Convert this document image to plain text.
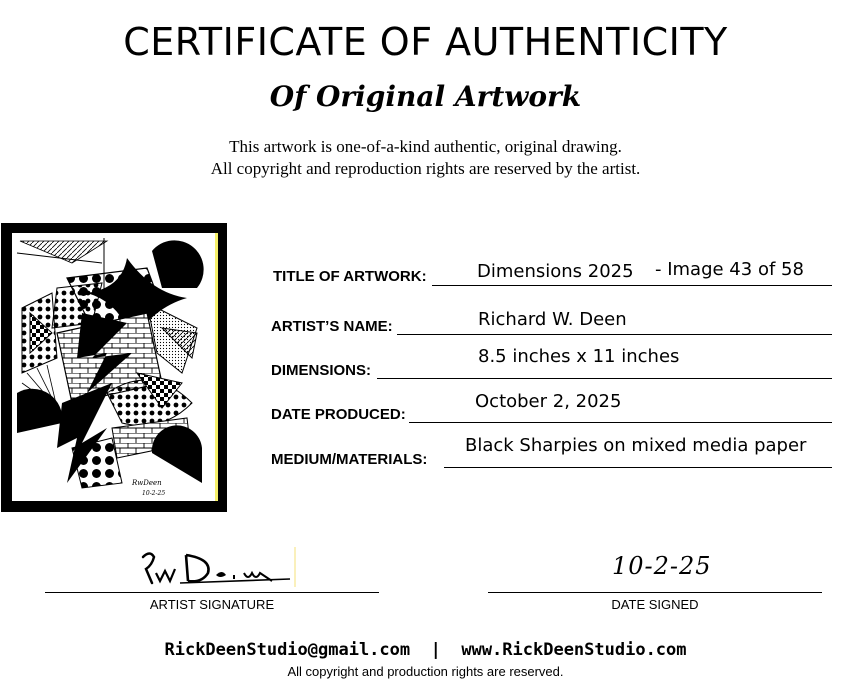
CERTIFICATE OF AUTHENTICITY
Of Original Artwork
This artwork is one-of-a-kind authentic, original drawing.
All copyright and reproduction rights are reserved by the artist.
RwDeen
10-2-25
TITLE OF ARTWORK:	Dimensions 2025 - Image 43 of 58
ARTIST’S NAME:	Richard W. Deen
DIMENSIONS:
8.5 inches x 11 inches
DATE PRODUCED:
October 2, 2025
MEDIUM/MATERIALS:
Black Sharpies on mixed media paper
ARTIST SIGNATURE
10-2-25
DATE SIGNED
RickDeenStudio@gmail.com | www.RickDeenStudio.com
All copyright and production rights are reserved.
